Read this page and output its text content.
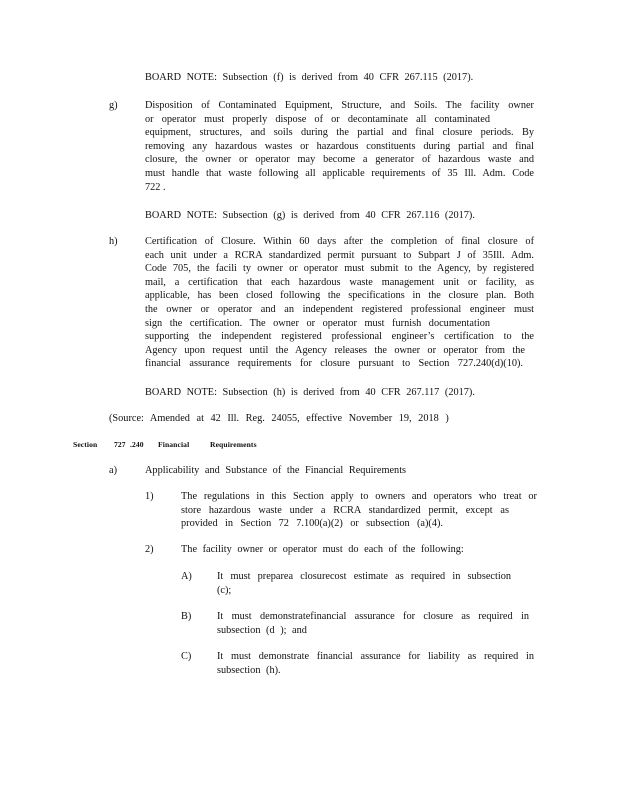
BOARD NOTE: Subsection (f) is derived from 40 CFR 267.115 (2017).
g)	Disposition of Contaminated Equipment, Structure, and Soils. The facility owner
or operator must properly dispose of or decontaminate all contaminated
equipment, structures, and soils during the partial and final closure periods. By
removing any hazardous wastes or hazardous constituents during partial and final
closure, the owner or operator may become a generator of hazardous waste and
must handle that waste following all applicable requirements of 35 Ill. Adm. Code
722 .
BOARD NOTE: Subsection (g) is derived from 40 CFR 267.116 (2017).
h)	Certification of Closure. Within 60 days after the completion of final closure of
each unit under a RCRA standardized permit pursuant to Subpart J of 35Ill. Adm.
Code 705, the facili ty owner or operator must submit to the Agency, by registered
mail, a certification that each hazardous waste management unit or facility, as
applicable, has been closed following the specifications in the closure plan. Both
the owner or operator and an independent registered professional engineer must
sign the certification. The owner or operator must furnish documentation
supporting the independent registered professional engineer’s certification to the
Agency upon request until the Agency releases the owner or operator from the
financial assurance requirements for closure pursuant to Section 727.240(d)(10).
BOARD NOTE: Subsection (h) is derived from 40 CFR 267.117 (2017).
(Source: Amended at 42 Ill. Reg. 24055, effective November 19, 2018 )
Section 727 .240 Financial	Requirements
a)	Applicability and Substance of the Financial Requirements
1)	The regulations in this Section apply to owners and operators who treat or
store hazardous waste under a RCRA standardized permit, except as
provided in Section 72 7.100(a)(2) or subsection (a)(4).
2)	The facility owner or operator must do each of the following:
A) It must preparea closurecost estimate as required in subsection
(c);
B) It must demonstratefinancial assurance for closure as required in
subsection (d ); and
C) It must demonstrate financial assurance for liability as required in
subsection (h).
